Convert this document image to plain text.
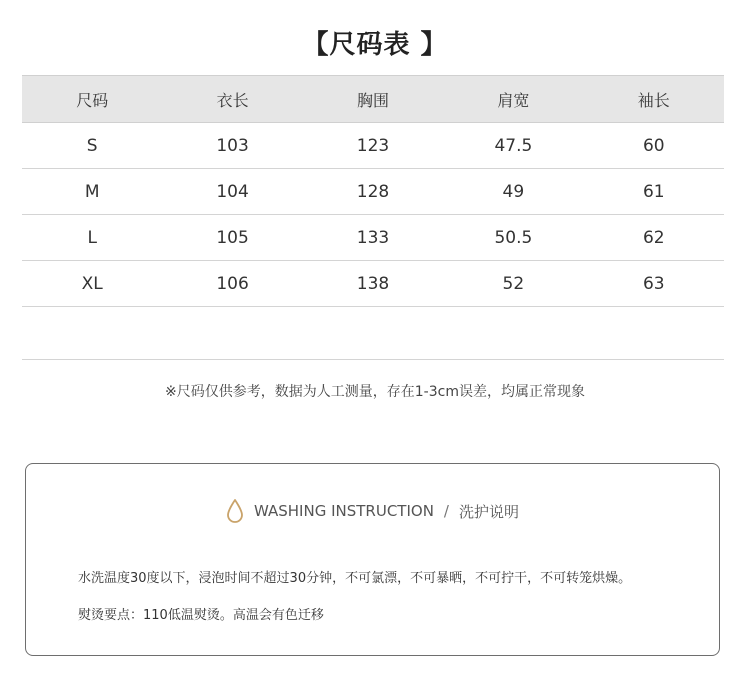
【尺码表 】
尺码	衣长	胸围	肩宽	袖长
S	103	123	47.5	60
M	104	128	49	61
L	105	133	50.5	62
XL	106	138	52	63

※尺码仅供参考，数据为人工测量，存在1-3cm误差，均属正常现象
WASHING INSTRUCTION / 洗护说明
水洗温度30度以下，浸泡时间不超过30分钟，不可氯漂，不可暴晒，不可拧干，不可转笼烘燥。
熨烫要点：110低温熨烫。高温会有色迁移
